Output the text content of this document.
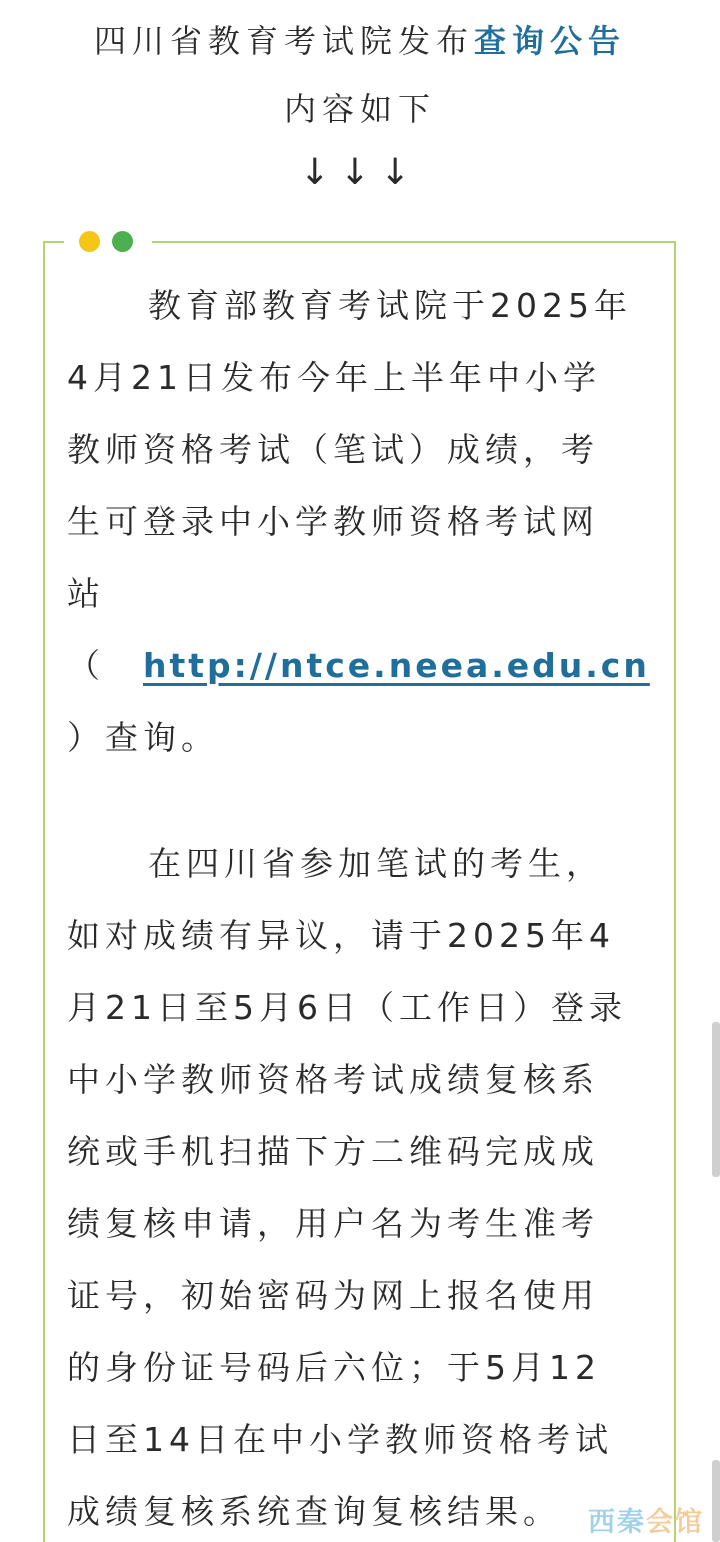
四川省教育考试院发布查询公告
内容如下
↓↓↓
教育部教育考试院于2025年
4月21日发布今年上半年中小学
教师资格考试（笔试）成绩，考
生可登录中小学教师资格考试网
站
（ http://ntce.neea.edu.cn
）查询。
在四川省参加笔试的考生，
如对成绩有异议，请于2025年4
月21日至5月6日（工作日）登录
中小学教师资格考试成绩复核系
统或手机扫描下方二维码完成成
绩复核申请，用户名为考生准考
证号，初始密码为网上报名使用
的身份证号码后六位；于5月12
日至14日在中小学教师资格考试
成绩复核系统查询复核结果。	西秦会馆
